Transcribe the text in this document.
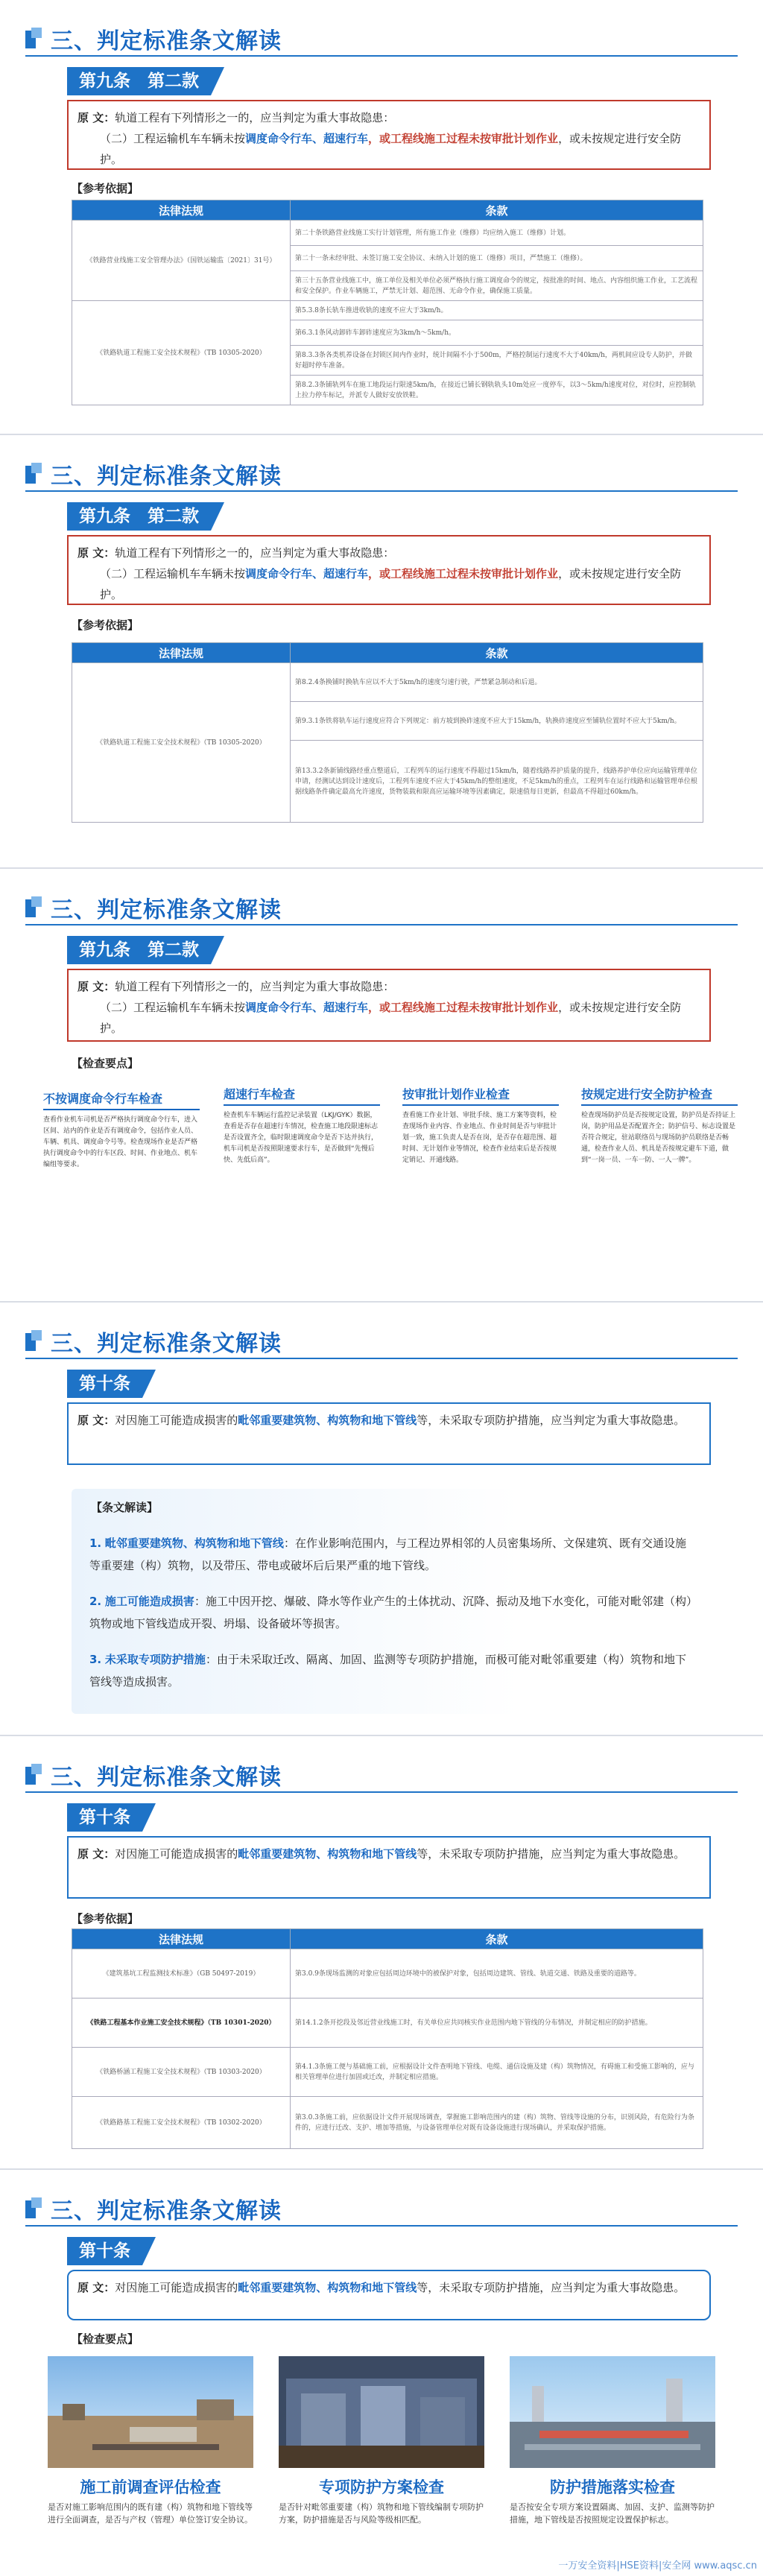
三、判定标准条文解读
第九条　第二款
原 文：轨道工程有下列情形之一的，应当判定为重大事故隐患：
（二）工程运输机车车辆未按调度命令行车、超速行车，或工程线施工过程未按审批计划作业，或未按规定进行安全防护。
【参考依据】
法律法规	条款
《铁路营业线施工安全管理办法》（国铁运输监〔2021〕31号）	第二十条铁路营业线施工实行计划管理，所有施工作业（维修）均应纳入施工（维修）计划。
	第二十一条未经审批、未签订施工安全协议、未纳入计划的施工（维修）项目，严禁施工（维修）。
	第三十五条营业线施工中，施工单位及相关单位必须严格执行施工调度命令的规定，按批准的时间、地点、内容组织施工作业，工艺流程和安全保护。作业车辆施工，严禁无计划、超范围、无命令作业，确保施工质量。
《铁路轨道工程施工安全技术规程》（TB 10305-2020）	第5.3.8条长轨车推进收轨的速度不应大于3km/h。
	第6.3.1条风动卸砟车卸砟速度应为3km/h～5km/h。
	第8.3.3条各类机养设备在封锁区间内作业时，统计间隔不小于500m，严格控制运行速度不大于40km/h，两机间应设专人防护，并做好超时停车准备。
	第8.2.3条铺轨列车在施工地段运行限速5km/h，在接近已铺长钢轨轨头10m处应一度停车，以3～5km/h速度对位，对位时，应控制轨上拉力停车标记，并派专人做好安放铁鞋。
三、判定标准条文解读
第九条　第二款
原 文：轨道工程有下列情形之一的，应当判定为重大事故隐患：
（二）工程运输机车车辆未按调度命令行车、超速行车，或工程线施工过程未按审批计划作业，或未按规定进行安全防护。
【参考依据】
法律法规	条款
《铁路轨道工程施工安全技术规程》（TB 10305-2020）	第8.2.4条换铺时换轨车应以不大于5km/h的速度匀速行驶，严禁紧急制动和后退。
	第9.3.1条铁将轨车运行速度应符合下列规定：前方坡到换砟速度不应大于15km/h，轨换砟速度应至铺轨位置时不应大于5km/h。
	第13.3.2条新铺线路经重点整道后，工程列车的运行速度不得超过15km/h，随着线路养护质量的提升，线路养护单位应向运输管理单位申请，经测试达到设计速度后，工程列车速度不应大于45km/h的整组速度，不足5km/h的重点，工程列车在运行线路和运输管理单位根据线路条件确定最高允许速度，货物装载和限高应运输环境等因素确定，限速值每日更新，但最高不得超过60km/h。
三、判定标准条文解读
第九条　第二款
原 文：轨道工程有下列情形之一的，应当判定为重大事故隐患：
（二）工程运输机车车辆未按调度命令行车、超速行车，或工程线施工过程未按审批计划作业，或未按规定进行安全防护。
【检查要点】
不按调度命令行车检查
查看作业机车司机是否严格执行调度命令行车，进入区间、站内的作业是否有调度命令，包括作业人员、车辆、机具、调度命令号等。检查现场作业是否严格执行调度命令中的行车区段、时间、作业地点、机车编组等要求。
超速行车检查
检查机车车辆运行监控记录装置（LKJ/GYK）数据，查看是否存在超速行车情况，检查施工地段限速标志是否设置齐全，临时限速调度命令是否下达并执行，机车司机是否按照限速要求行车，是否做到“先慢后快、先低后高”。
按审批计划作业检查
查看施工作业计划、审批手续、施工方案等资料，检查现场作业内容、作业地点、作业时间是否与审批计划一致，施工负责人是否在岗，是否存在超范围、超时间、无计划作业等情况，检查作业结束后是否按规定销记、开通线路。
按规定进行安全防护检查
检查现场防护员是否按规定设置，防护员是否持证上岗，防护用品是否配置齐全；防护信号、标志设置是否符合规定，驻站联络员与现场防护员联络是否畅通，检查作业人员、机具是否按规定避车下道，做到“一岗一员、一车一防、一人一牌”。
三、判定标准条文解读
第十条
原 文：对因施工可能造成损害的毗邻重要建筑物、构筑物和地下管线等，未采取专项防护措施，应当判定为重大事故隐患。
【条文解读】

1. 毗邻重要建筑物、构筑物和地下管线：在作业影响范围内，与工程边界相邻的人员密集场所、文保建筑、既有交通设施等重要建（构）筑物，以及带压、带电或破坏后后果严重的地下管线。

2. 施工可能造成损害：施工中因开挖、爆破、降水等作业产生的土体扰动、沉降、振动及地下水变化，可能对毗邻建（构）筑物或地下管线造成开裂、坍塌、设备破坏等损害。

3. 未采取专项防护措施：由于未采取迁改、隔离、加固、监测等专项防护措施，而极可能对毗邻重要建（构）筑物和地下管线等造成损害。

三、判定标准条文解读
第十条
原 文：对因施工可能造成损害的毗邻重要建筑物、构筑物和地下管线等，未采取专项防护措施，应当判定为重大事故隐患。
【参考依据】
法律法规	条款
《建筑基坑工程监测技术标准》（GB 50497-2019）	第3.0.9条现场监测的对象应包括周边环境中的被保护对象，包括周边建筑、管线、轨道交通、铁路及重要的道路等。
《铁路工程基本作业施工安全技术规程》（TB 10301-2020）	第14.1.2条开挖段及邻近营业线施工时，有关单位应共同核实作业范围内地下管线的分布情况，并制定相应的防护措施。
《铁路桥涵工程施工安全技术规程》（TB 10303-2020）	第4.1.3条施工便与基础施工前，应根据设计文件查明地下管线、电缆、通信设施及建（构）筑物情况，有碍施工和受施工影响的，应与相关管理单位进行加固或迁改，并制定相应措施。
《铁路路基工程施工安全技术规程》（TB 10302-2020）	第3.0.3条施工前，应依据设计文件开展现场调查，掌握施工影响范围内的建（构）筑物、管线等设施的分布，识别风险，有危险行为条件的，应进行迁改、支护、增加等措施，与设备管理单位对既有设备设施进行现场确认，并采取保护措施。
三、判定标准条文解读
第十条
原 文：对因施工可能造成损害的毗邻重要建筑物、构筑物和地下管线等，未采取专项防护措施，应当判定为重大事故隐患。
【检查要点】
施工前调查评估检查	专项防护方案检查	防护措施落实检查
是否对施工影响范围内的既有建（构）筑物和地下管线等进行全面调查，是否与产权（管理）单位签订安全协议。
是否针对毗邻重要建（构）筑物和地下管线编制专项防护方案，防护措施是否与风险等级相匹配。
是否按安全专项方案设置隔离、加固、支护、监测等防护措施，地下管线是否按照规定设置保护标志。
一万安全资料|HSE资料|安全网 www.aqsc.cn
